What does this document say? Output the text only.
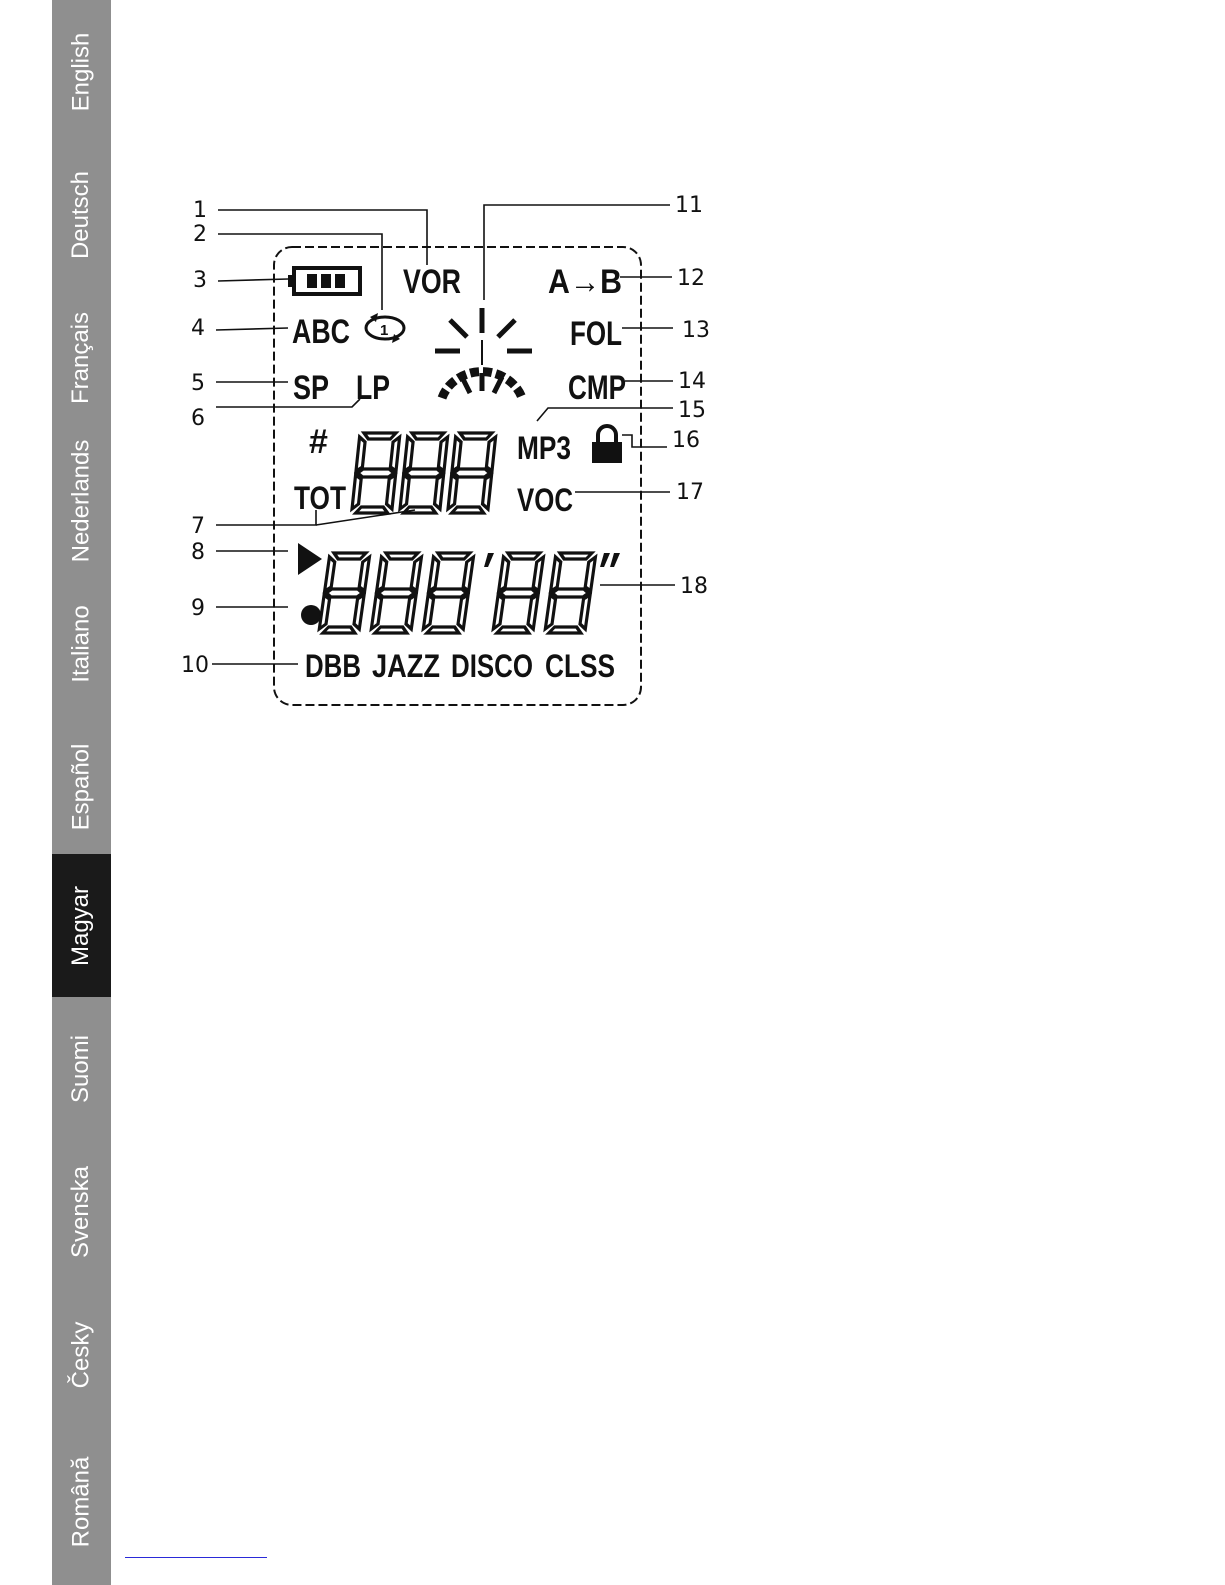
English
Deutsch
Français
Nederlands
Italiano
Español
Magyar
Suomi
Svenska
Česky
Română
1
2
3
4
5
6
7
8
9
10
11
12
13
14
15
16
17
18
VOR	A→B
ABC 1	FOL
SP LP	CMP
#
TOT
MP3
VOC
DBB JAZZ DISCO CLSS
